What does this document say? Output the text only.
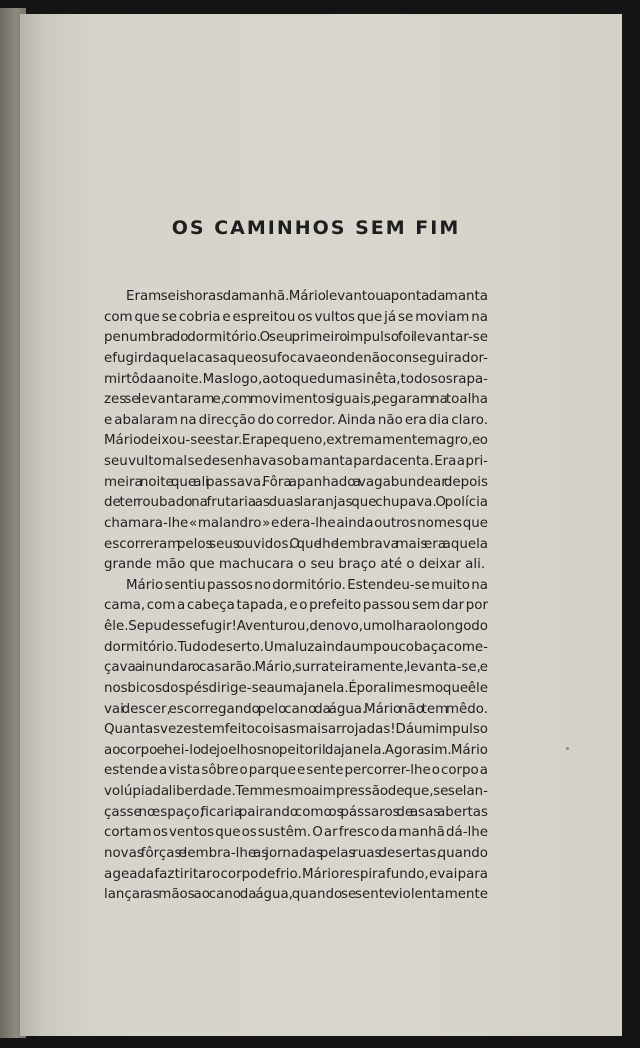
OS CAMINHOS SEM FIM
Eram seis horas da manhã. Mário levantou a ponta da manta
com que se cobria e espreitou os vultos que já se moviam na
penumbra do dormitório. O seu primeiro impulso foi levantar-se
e fugir daquela casa que o sufocava e onde não conseguira dor-
mir tôda a noite. Mas logo, ao toque duma sinêta, todos os rapa-
zes se levantaram e, com movimentos iguais, pegaram na toalha
e abalaram na direcção do corredor. Ainda não era dia claro.
Mário deixou-se estar. Era pequeno, extremamente magro, e o
seu vulto mal se desenhava sob a manta pardacenta. Era a pri-
meira noite que ali passava. Fôra apanhado a vagabundear depois
de ter roubado na frutaria as duas laranjas que chupava. O polícia
chamara-lhe « malandro » e dera-lhe ainda outros nomes que
escorreram pelos seus ouvidos. O que lhe lembrava mais era aquela
grande mão que machucara o seu braço até o deixar ali.
Mário sentiu passos no dormitório. Estendeu-se muito na
cama, com a cabeça tapada, e o prefeito passou sem dar por
êle. Se pudesse fugir! Aventurou, de novo, um olhar ao longo do
dormitório. Tudo deserto. Uma luz ainda um pouco baça come-
çava a inundar o casarão. Mário, surrateiramente, levanta-se, e
nos bicos dos pés dirige-se a uma janela. É por ali mesmo que êle
vai descer, escorregando pelo cano da água. Mário não tem mêdo.
Quantas vezes tem feito coisas mais arrojadas! Dá um impulso
ao corpo e hei-lo de joelhos no peitoril da janela. Agora sim. Mário
estende a vista sôbre o parque e sente percorrer-lhe o corpo a
volúpia da liberdade. Tem mesmo a impressão de que, se se lan-
çasse no espaço, ficaria pairando como os pássaros de asas abertas
cortam os ventos que os sustêm. O ar fresco da manhã dá-lhe
novas fôrças e lembra-lhe as jornadas pelas ruas desertas, quando
a geada faz tiritar o corpo de frio. Mário respira fundo, e vai para
lançar as mãos ao cano da água, quando se sente violentamente
